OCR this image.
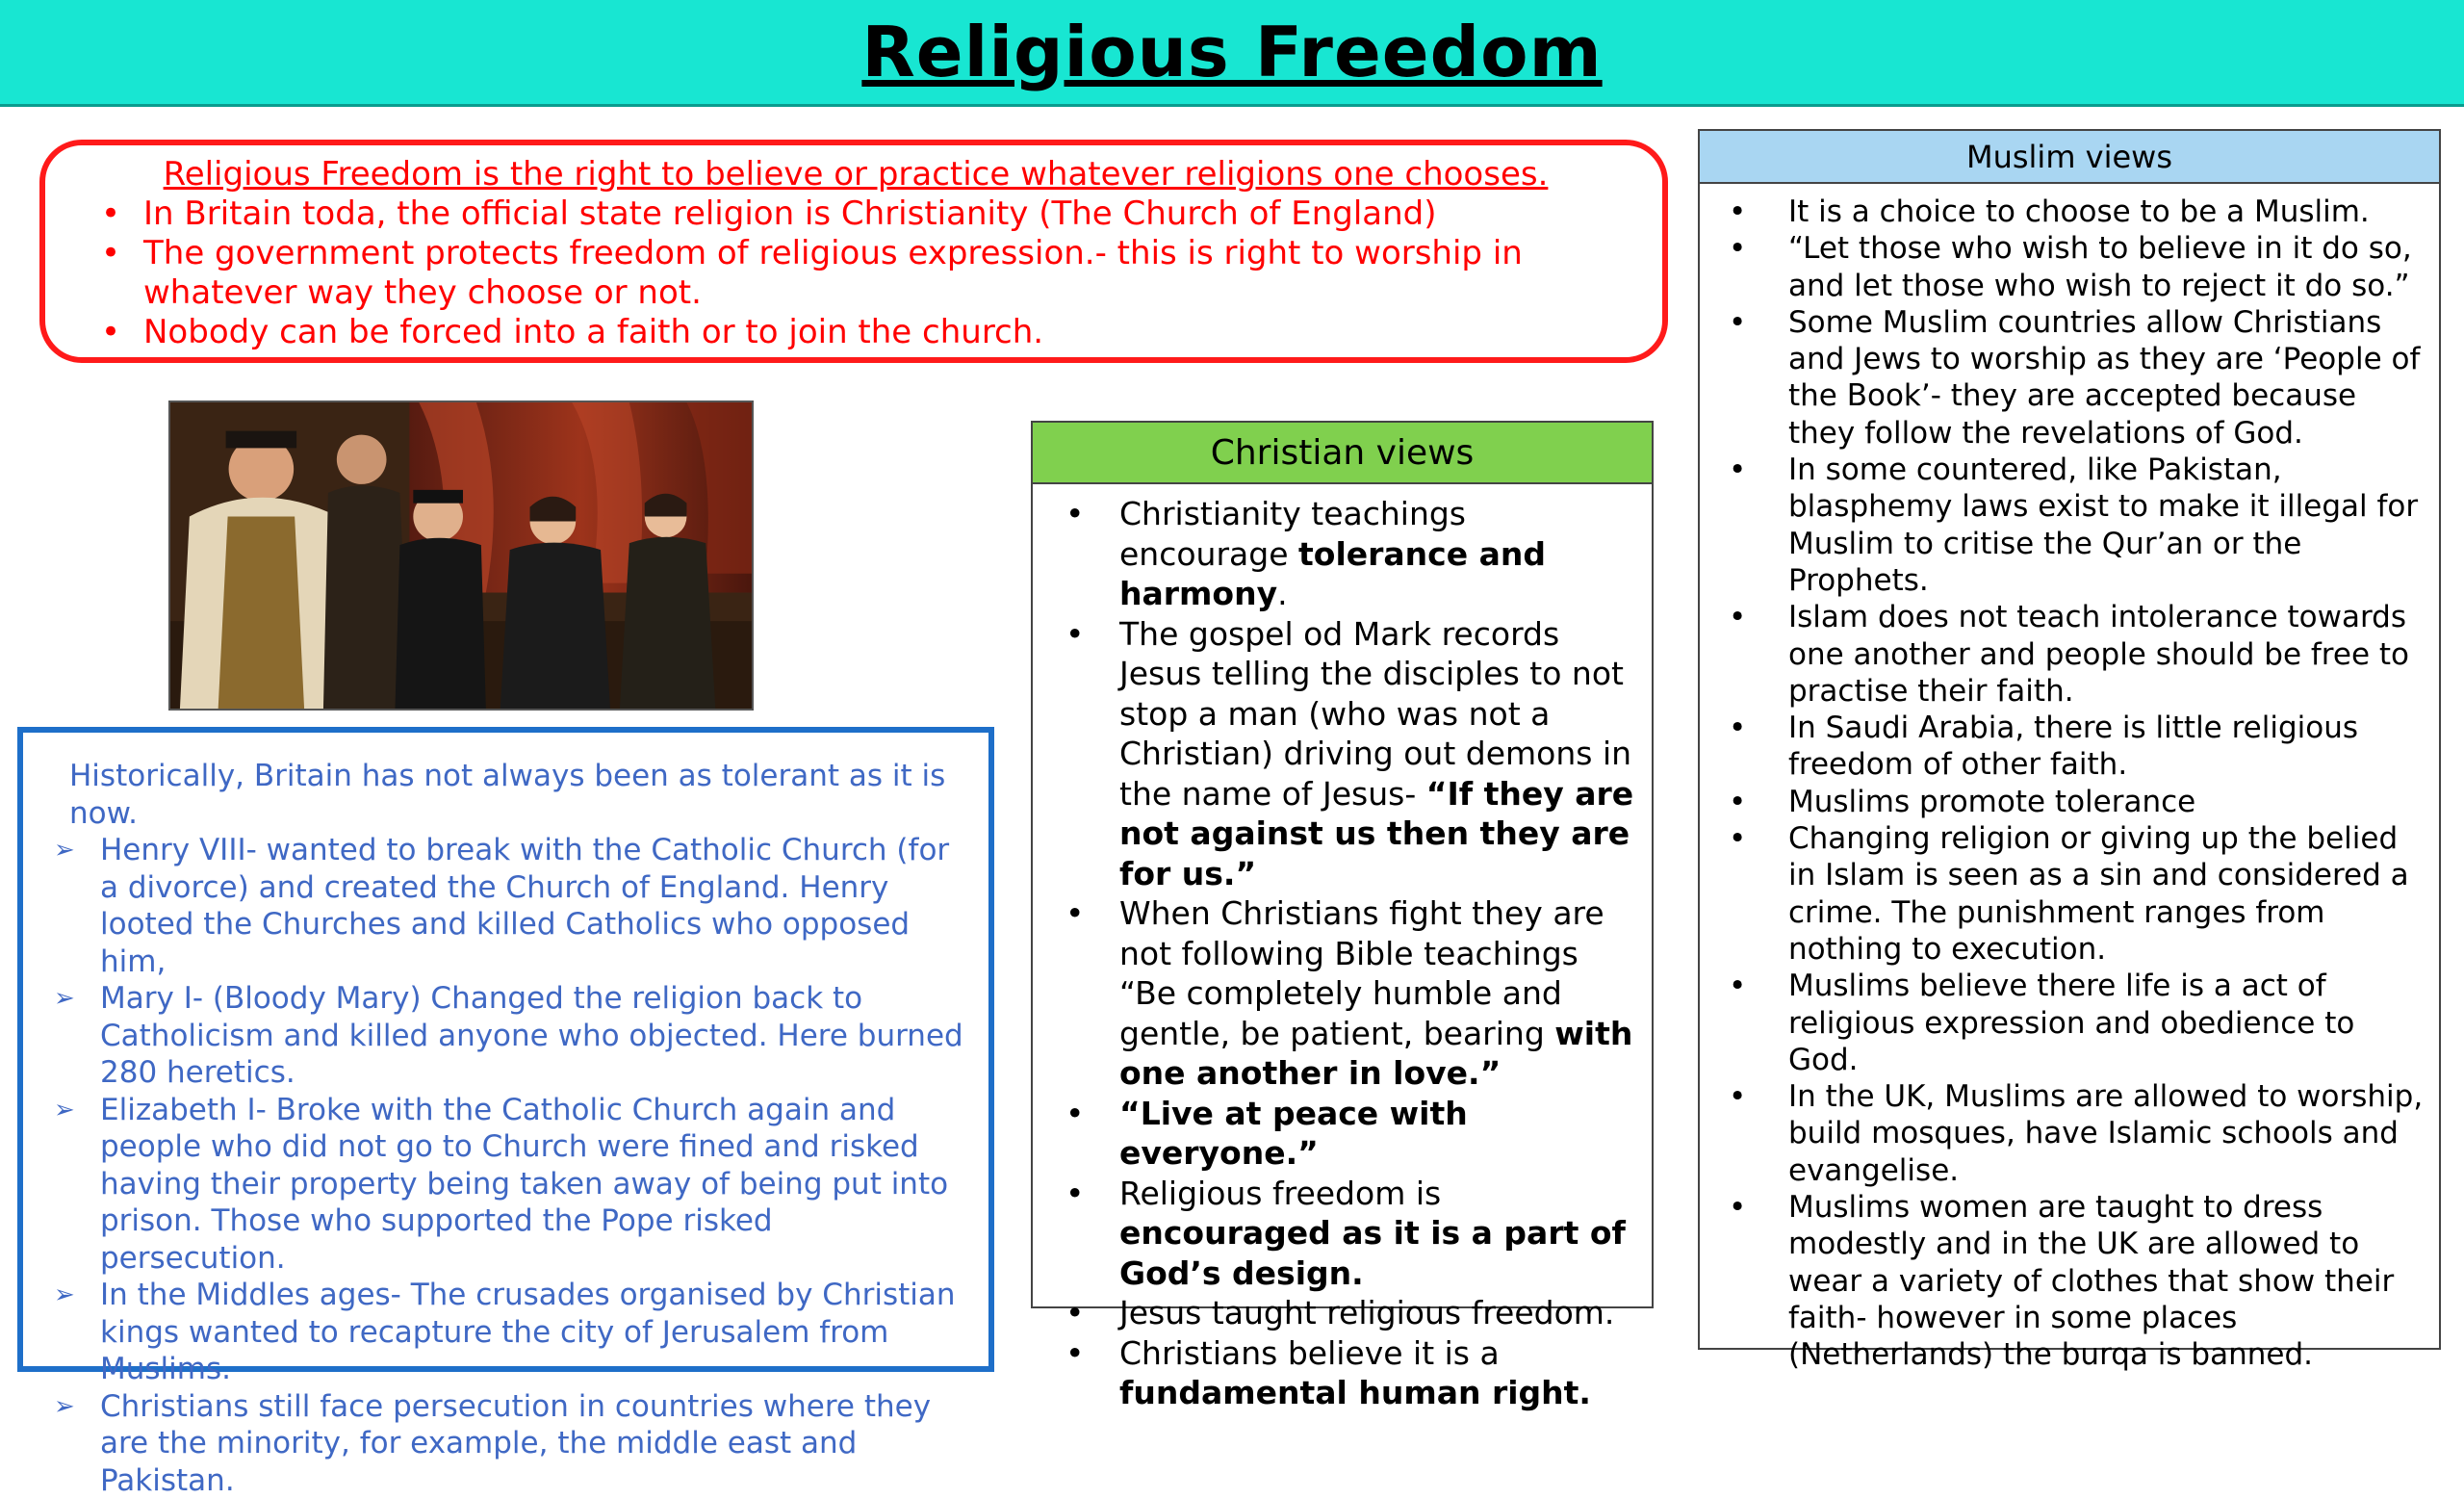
Religious Freedom
Religious Freedom is the right to believe or practice whatever religions one chooses.
• In Britain toda, the official state religion is Christianity (The Church of England)
• The government protects freedom of religious expression.- this is right to worship in whatever way they choose or not.
• Nobody can be forced into a faith or to join the church.
Historically, Britain has not always been as tolerant as it is now.
➢ Henry VIII- wanted to break with the Catholic Church (for a divorce) and created the Church of England. Henry looted the Churches and killed Catholics who opposed him,
➢ Mary I- (Bloody Mary) Changed the religion back to Catholicism and killed anyone who objected. Here burned 280 heretics.
➢ Elizabeth I- Broke with the Catholic Church again and people who did not go to Church were fined and risked having their property being taken away of being put into prison. Those who supported the Pope risked persecution.
➢ In the Middles ages- The crusades organised by Christian kings wanted to recapture the city of Jerusalem from Muslims.
➢ Christians still face persecution in countries where they are the minority, for example, the middle east and Pakistan.
Christian views
• Christianity teachings encourage tolerance and harmony.
• The gospel od Mark records Jesus telling the disciples to not stop a man (who was not a Christian) driving out demons in the name of Jesus- “If they are not against us then they are for us.”
• When Christians fight they are not following Bible teachings “Be completely humble and gentle, be patient, bearing with one another in love.”
• “Live at peace with everyone.”
• Religious freedom is encouraged as it is a part of God’s design.
• Jesus taught religious freedom.
• Christians believe it is a fundamental human right.
Muslim views
• It is a choice to choose to be a Muslim.
• “Let those who wish to believe in it do so, and let those who wish to reject it do so.”
• Some Muslim countries allow Christians and Jews to worship as they are ‘People of the Book’- they are accepted because they follow the revelations of God.
• In some countered, like Pakistan, blasphemy laws exist to make it illegal for Muslim to critise the Qur’an or the Prophets.
• Islam does not teach intolerance towards one another and people should be free to practise their faith.
• In Saudi Arabia, there is little religious freedom of other faith.
• Muslims promote tolerance
• Changing religion or giving up the belied in Islam is seen as a sin and considered a crime. The punishment ranges from nothing to execution.
• Muslims believe there life is a act of religious expression and obedience to God.
• In the UK, Muslims are allowed to worship, build mosques, have Islamic schools and evangelise.
• Muslims women are taught to dress modestly and in the UK are allowed to wear a variety of clothes that show their faith- however in some places (Netherlands) the burqa is banned.
